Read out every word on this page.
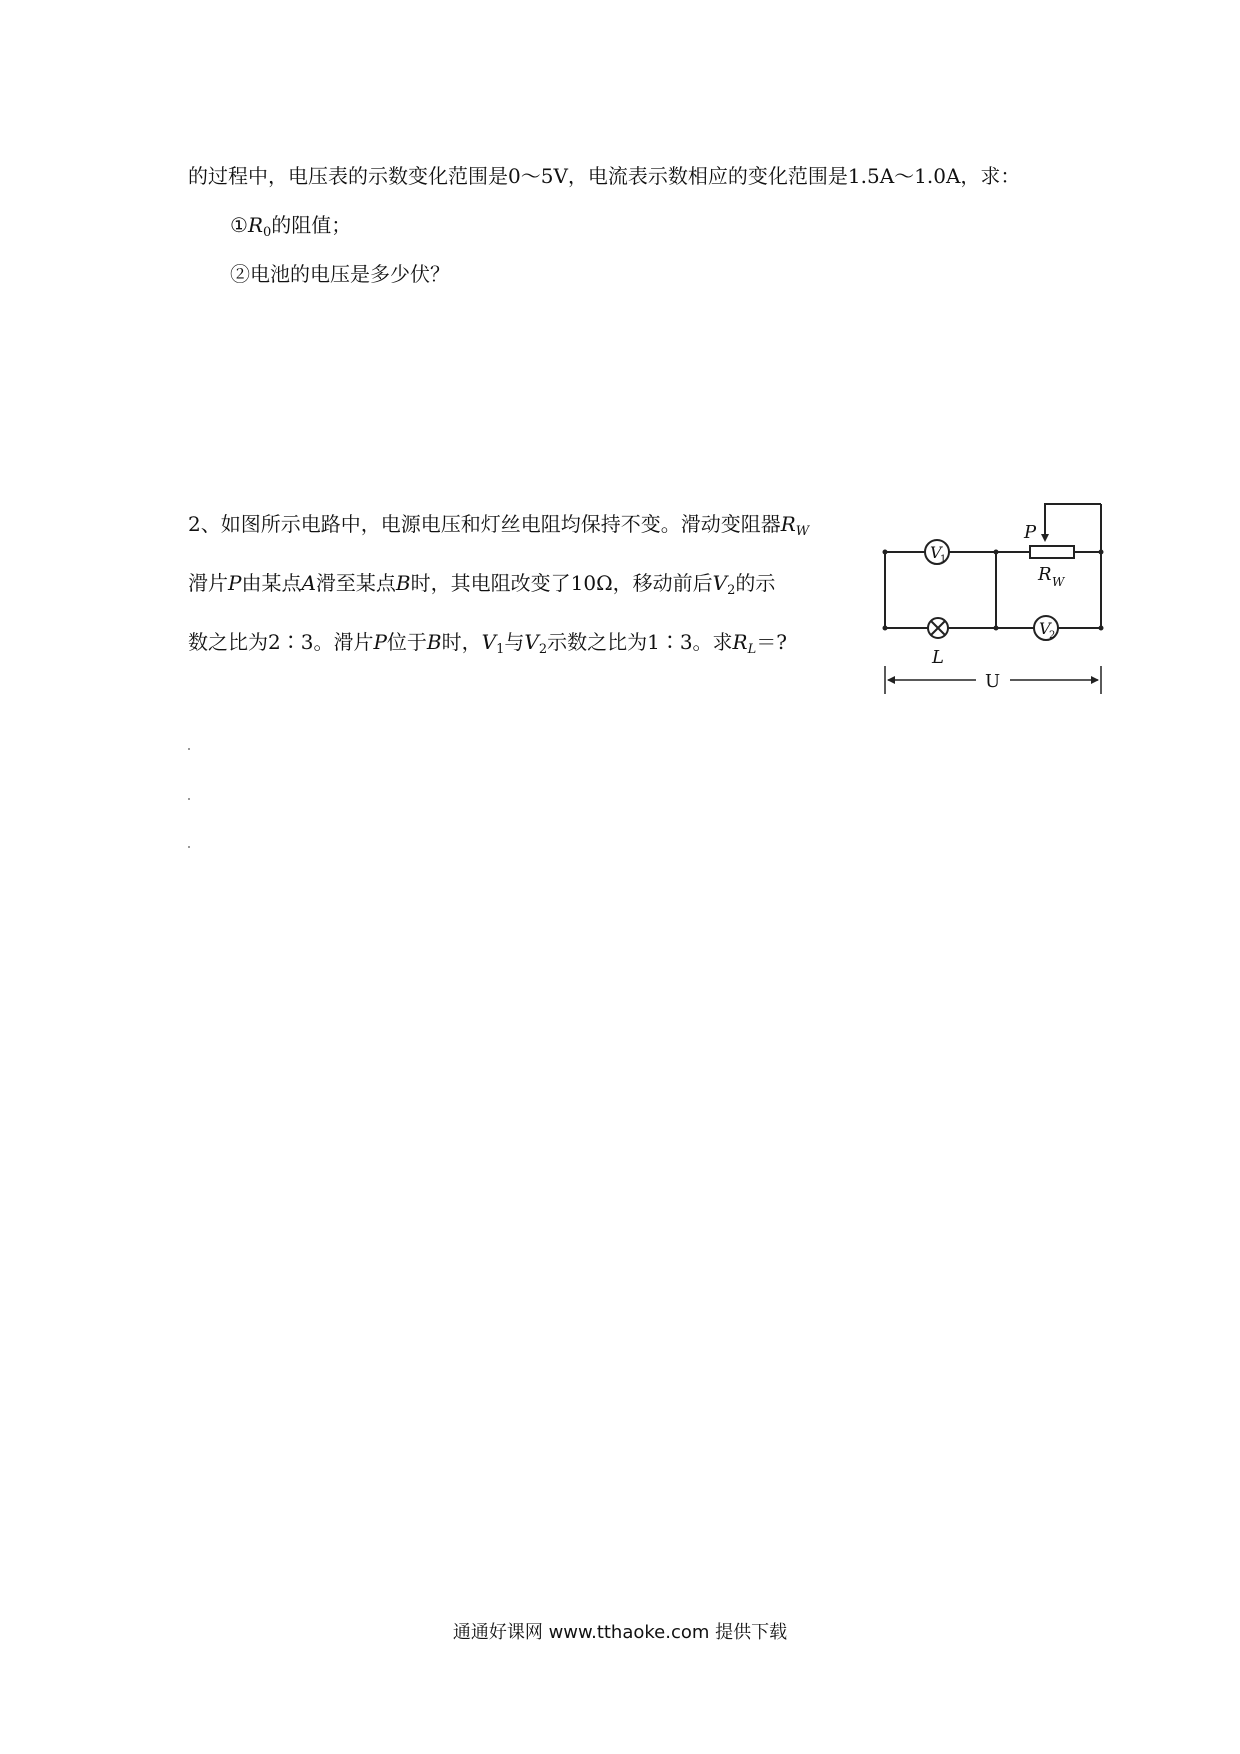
的过程中，电压表的示数变化范围是0～5V，电流表示数相应的变化范围是1.5A～1.0A，求：
$①R_0$的阻值；
②电池的电压是多少伏？
2、如图所示电路中，电源电压和灯丝电阻均保持不变。滑动变阻器$R_W$
滑片P由某点A滑至某点B时，其电阻改变了10Ω，移动前后$V_2$的示
数之比为2∶3。滑片P位于B时，$V_1$与$V_2$示数之比为1∶3。求$R_L=$?
V
1
V
2
P
R W
L
U
通通好课网 www.tthaoke.com 提供下载
